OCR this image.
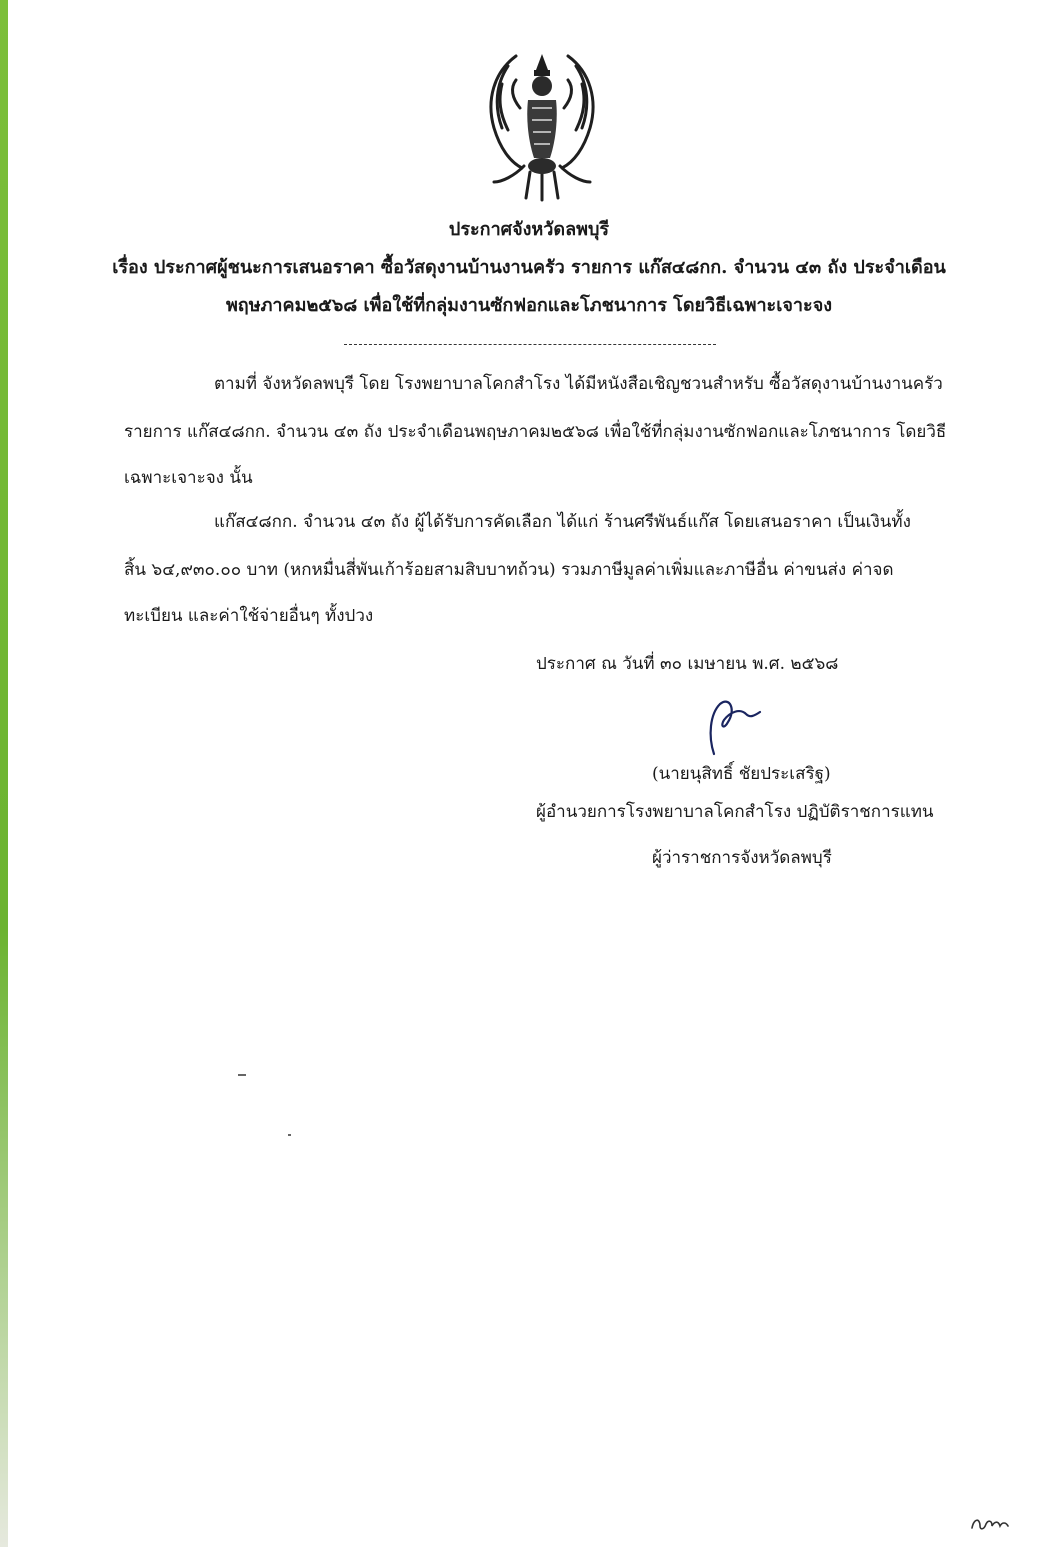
ประกาศจังหวัดลพบุรี
เรื่อง ประกาศผู้ชนะการเสนอราคา ซื้อวัสดุงานบ้านงานครัว รายการ แก๊ส๔๘กก. จำนวน ๔๓ ถัง ประจำเดือน
พฤษภาคม๒๕๖๘ เพื่อใช้ที่กลุ่มงานซักฟอกและโภชนาการ โดยวิธีเฉพาะเจาะจง
ตามที่ จังหวัดลพบุรี โดย โรงพยาบาลโคกสำโรง ได้มีหนังสือเชิญชวนสำหรับ ซื้อวัสดุงานบ้านงานครัว
รายการ แก๊ส๔๘กก. จำนวน ๔๓ ถัง ประจำเดือนพฤษภาคม๒๕๖๘ เพื่อใช้ที่กลุ่มงานซักฟอกและโภชนาการ โดยวิธี
เฉพาะเจาะจง นั้น
แก๊ส๔๘กก. จำนวน ๔๓ ถัง ผู้ได้รับการคัดเลือก ได้แก่ ร้านศรีพันธ์แก๊ส โดยเสนอราคา เป็นเงินทั้ง
สิ้น ๖๔,๙๓๐.๐๐ บาท (หกหมื่นสี่พันเก้าร้อยสามสิบบาทถ้วน) รวมภาษีมูลค่าเพิ่มและภาษีอื่น ค่าขนส่ง ค่าจด
ทะเบียน และค่าใช้จ่ายอื่นๆ ทั้งปวง
ประกาศ ณ วันที่ ๓๐ เมษายน พ.ศ. ๒๕๖๘
(นายนุสิทธิ์ ชัยประเสริฐ)
ผู้อำนวยการโรงพยาบาลโคกสำโรง ปฏิบัติราชการแทน
ผู้ว่าราชการจังหวัดลพบุรี
